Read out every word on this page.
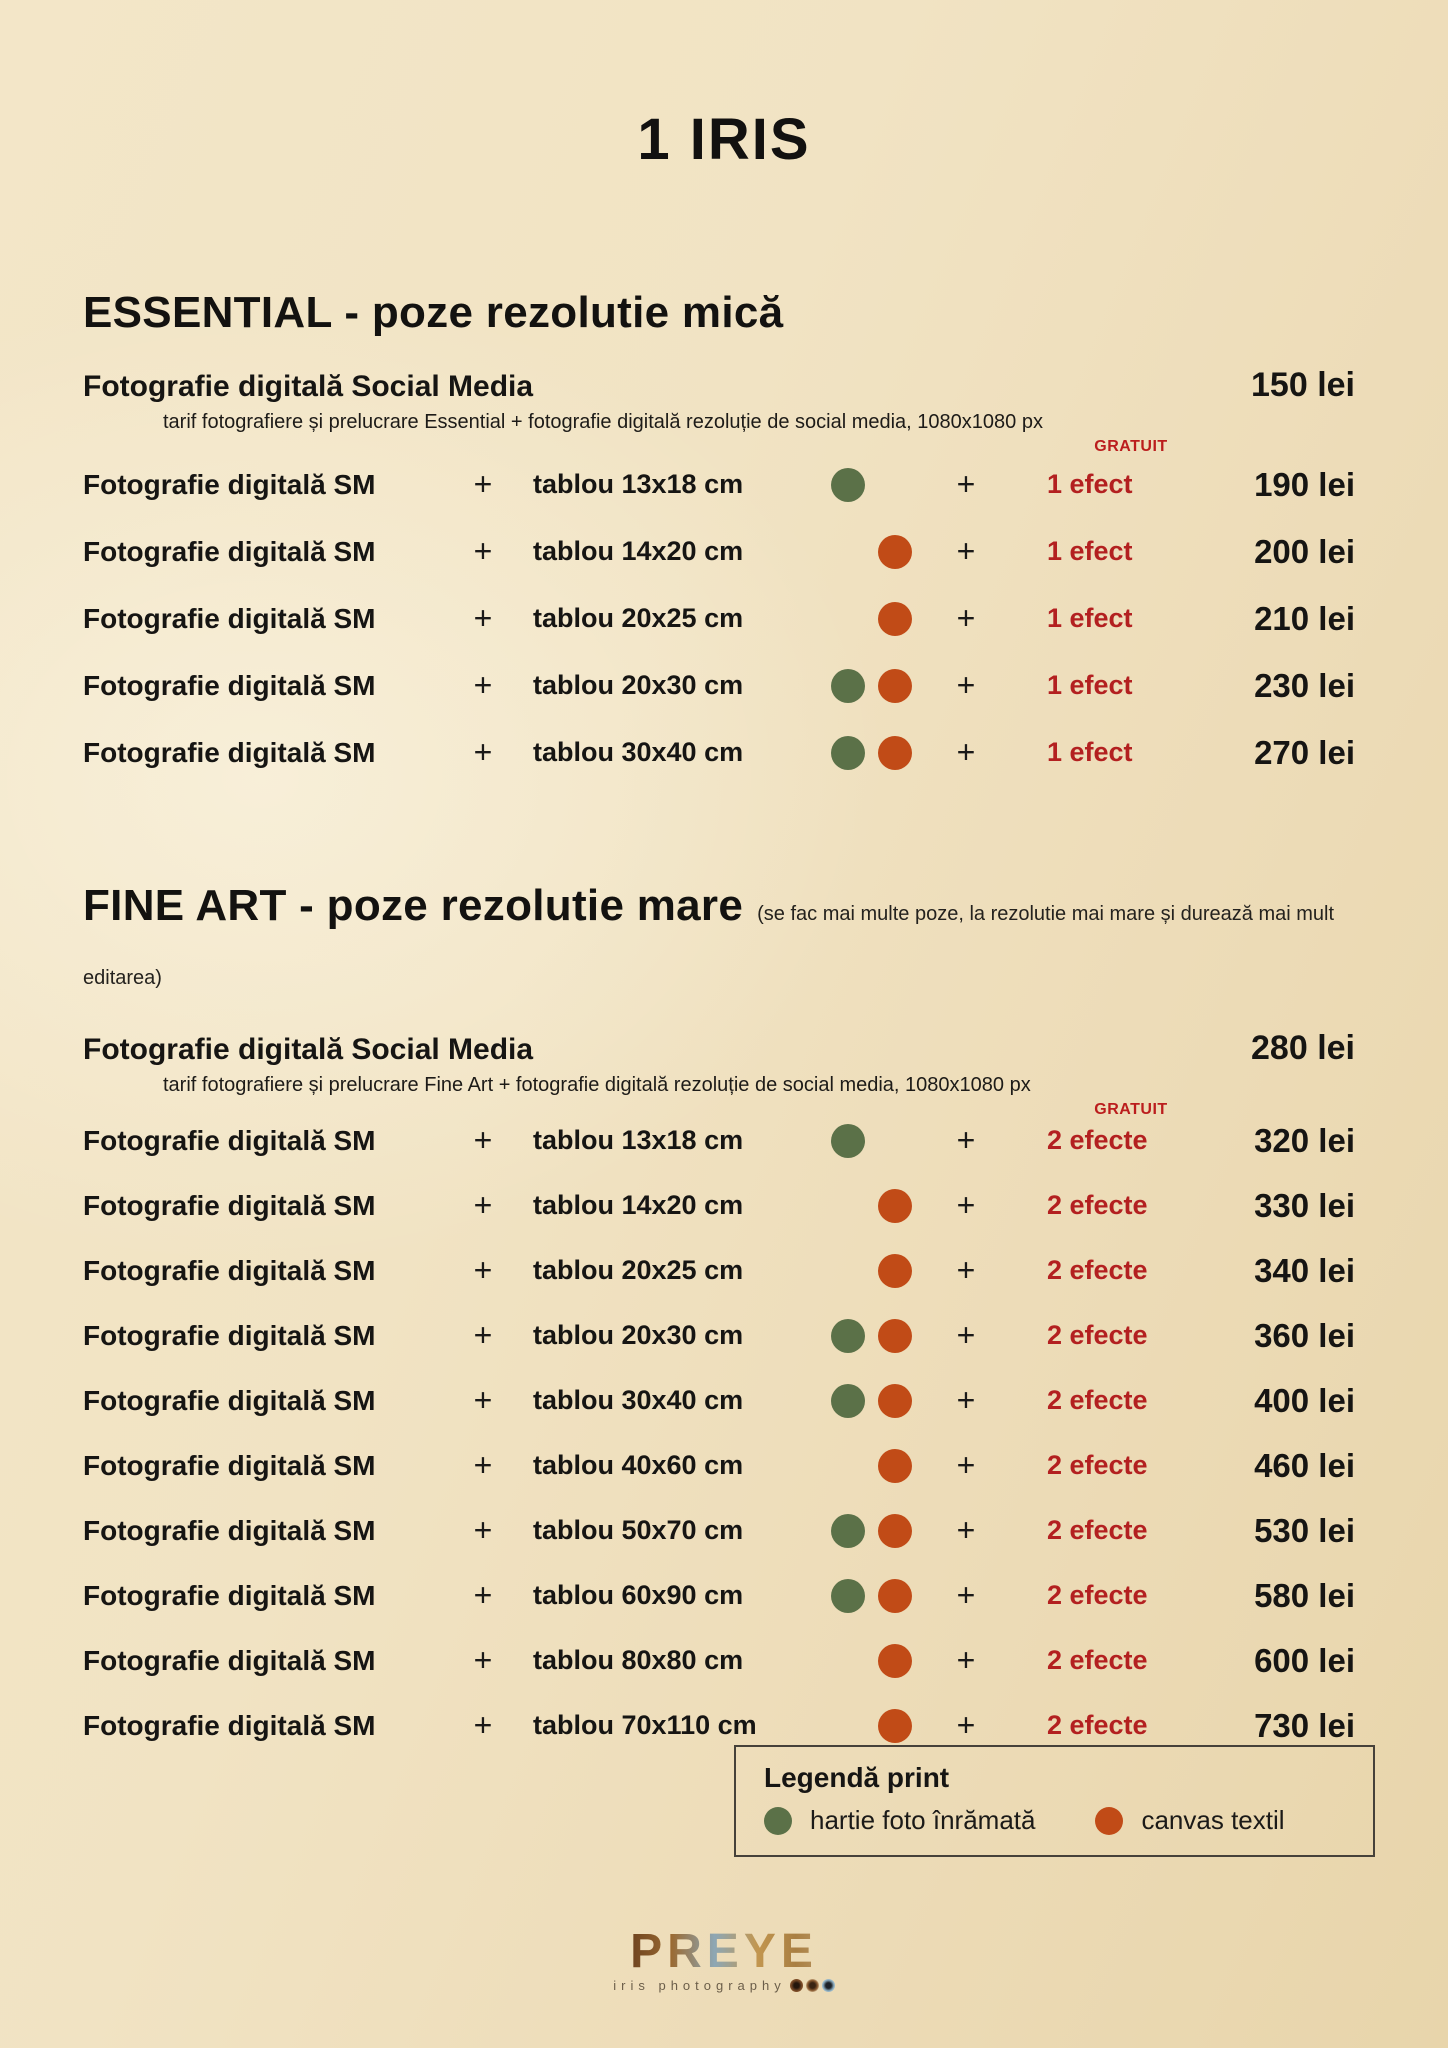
1 IRIS
ESSENTIAL - poze rezolutie mică
Fotografie digitală Social Media	150 lei
tarif fotografiere și prelucrare Essential + fotografie digitală rezoluție de social media, 1080x1080 px
GRATUIT
Fotografie digitală SM	+	tablou 13x18 cm	+	1 efect	190 lei
Fotografie digitală SM	+	tablou 14x20 cm	+	1 efect	200 lei
Fotografie digitală SM	+	tablou 20x25 cm	+	1 efect	210 lei
Fotografie digitală SM	+	tablou 20x30 cm	+	1 efect	230 lei
Fotografie digitală SM	+	tablou 30x40 cm	+	1 efect	270 lei
FINE ART - poze rezolutie mare (se fac mai multe poze, la rezolutie mai mare și durează mai mult editarea)
Fotografie digitală Social Media	280 lei
tarif fotografiere și prelucrare Fine Art + fotografie digitală rezoluție de social media, 1080x1080 px
GRATUIT
Fotografie digitală SM	+	tablou 13x18 cm	+	2 efecte	320 lei
Fotografie digitală SM	+	tablou 14x20 cm	+	2 efecte	330 lei
Fotografie digitală SM	+	tablou 20x25 cm	+	2 efecte	340 lei
Fotografie digitală SM	+	tablou 20x30 cm	+	2 efecte	360 lei
Fotografie digitală SM	+	tablou 30x40 cm	+	2 efecte	400 lei
Fotografie digitală SM	+	tablou 40x60 cm	+	2 efecte	460 lei
Fotografie digitală SM	+	tablou 50x70 cm	+	2 efecte	530 lei
Fotografie digitală SM	+	tablou 60x90 cm	+	2 efecte	580 lei
Fotografie digitală SM	+	tablou 80x80 cm	+	2 efecte	600 lei
Fotografie digitală SM	+	tablou 70x110 cm	+	2 efecte	730 lei
Legendă print
hartie foto înrămată	canvas textil
PREYE
iris photography
